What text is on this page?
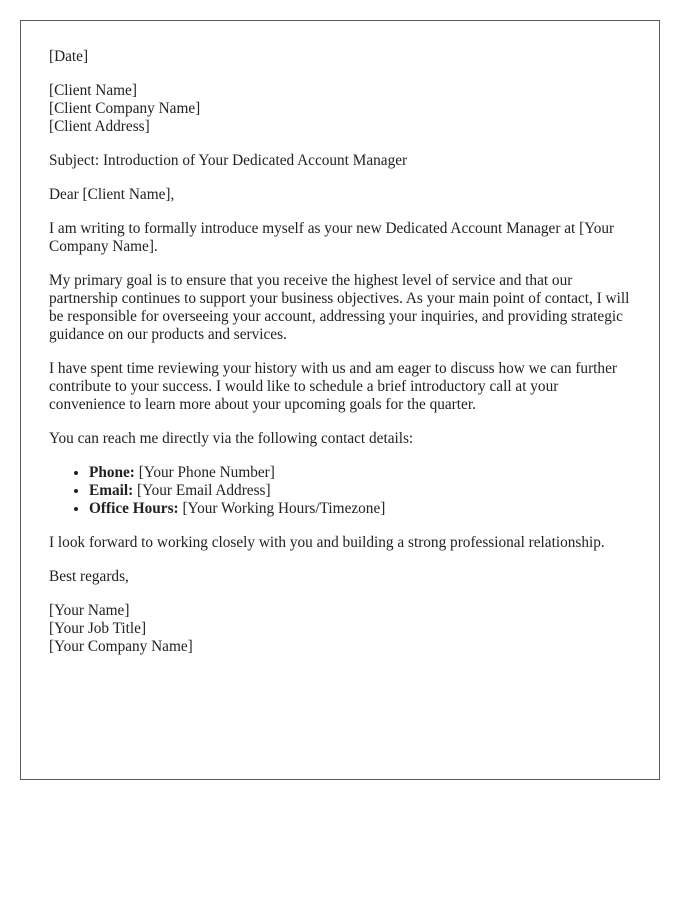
[Date]
[Client Name]
[Client Company Name]
[Client Address]

Subject: Introduction of Your Dedicated Account Manager

Dear [Client Name],

I am writing to formally introduce myself as your new Dedicated Account Manager at [Your Company Name].

My primary goal is to ensure that you receive the highest level of service and that our partnership continues to support your business objectives. As your main point of contact, I will be responsible for overseeing your account, addressing your inquiries, and providing strategic guidance on our products and services.

I have spent time reviewing your history with us and am eager to discuss how we can further contribute to your success. I would like to schedule a brief introductory call at your convenience to learn more about your upcoming goals for the quarter.

You can reach me directly via the following contact details:

• Phone: [Your Phone Number]
• Email: [Your Email Address]
• Office Hours: [Your Working Hours/Timezone]

I look forward to working closely with you and building a strong professional relationship.

Best regards,

[Your Name]
[Your Job Title]
[Your Company Name]
